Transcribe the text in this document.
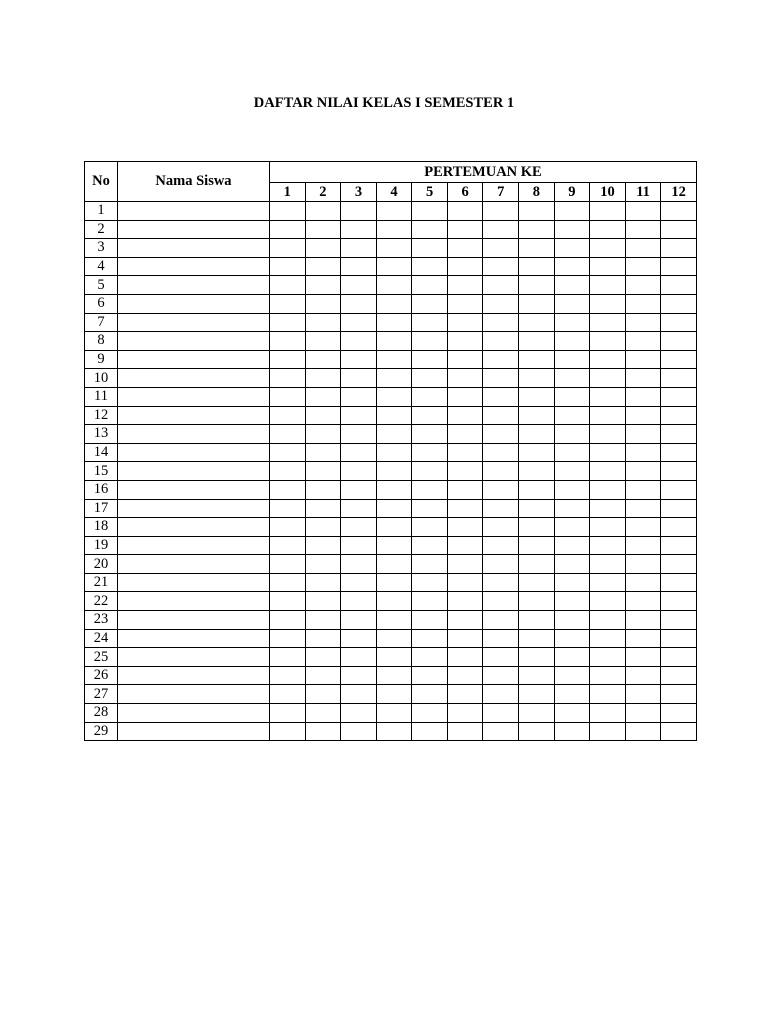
DAFTAR NILAI KELAS I SEMESTER 1
No	Nama Siswa	PERTEMUAN KE											
		1	2	3	4	5	6	7	8	9	10	11	12
1													
2													
3													
4													
5													
6													
7													
8													
9													
10													
11													
12													
13													
14													
15													
16													
17													
18													
19													
20													
21													
22													
23													
24													
25													
26													
27													
28													
29													
